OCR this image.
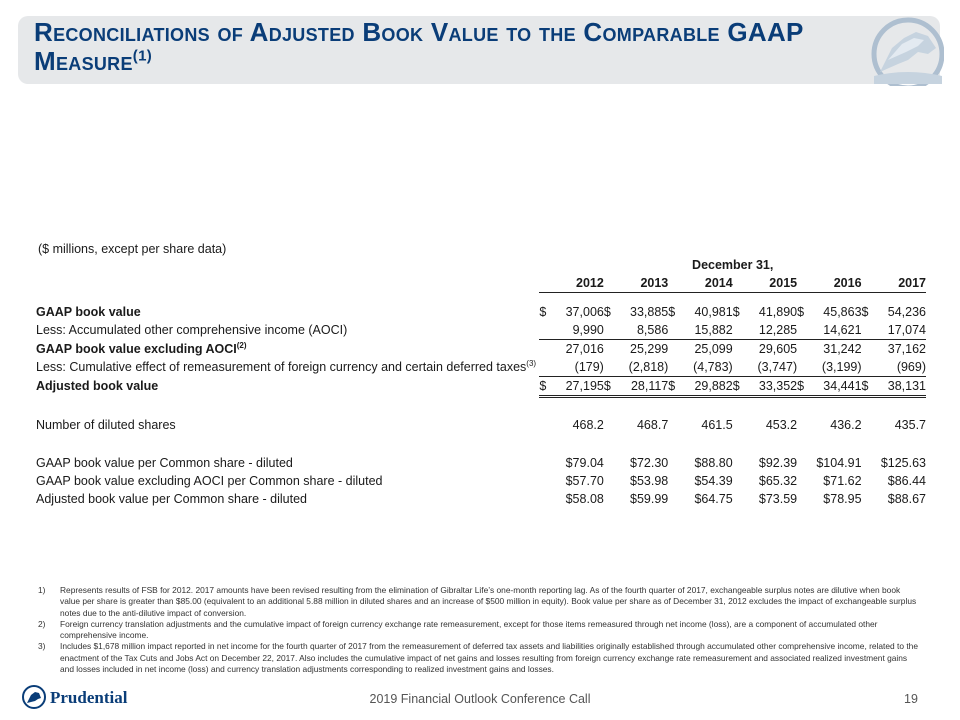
Reconciliations of Adjusted Book Value to the Comparable GAAP Measure$^{(1)}$
($ millions, except per share data)
	December 31,											
		2012		2013		2014		2015		2016		2017

GAAP book value	$	37,006	$	33,885	$	40,981	$	41,890	$	45,863	$	54,236
Less: Accumulated other comprehensive income (AOCI)		9,990		8,586		15,882		12,285		14,621		17,074
GAAP book value excluding AOCI$^{(2)}$		27,016		25,299		25,099		29,605		31,242		37,162
Less: Cumulative effect of remeasurement of foreign currency and certain deferred taxes$^{(3)}$		(179)		(2,818)		(4,783)		(3,747)		(3,199)		(969)
Adjusted book value	$	27,195	$	28,117	$	29,882	$	33,352	$	34,441	$	38,131

Number of diluted shares		468.2		468.7		461.5		453.2		436.2		435.7

GAAP book value per Common share - diluted		$79.04		$72.30		$88.80		$92.39		$104.91		$125.63
GAAP book value excluding AOCI per Common share - diluted		$57.70		$53.98		$54.39		$65.32		$71.62		$86.44
Adjusted book value per Common share - diluted		$58.08		$59.99		$64.75		$73.59		$78.95		$88.67
1) Represents results of FSB for 2012. 2017 amounts have been revised resulting from the elimination of Gibraltar Life’s one-month reporting lag. As of the fourth quarter of 2017, exchangeable surplus notes are dilutive when book value per share is greater than $85.00 (equivalent to an additional 5.88 million in diluted shares and an increase of $500 million in equity). Book value per share as of December 31, 2012 excludes the impact of exchangeable surplus notes due to the anti-dilutive impact of conversion.
2) Foreign currency translation adjustments and the cumulative impact of foreign currency exchange rate remeasurement, except for those items remeasured through net income (loss), are a component of accumulated other comprehensive income.
3) Includes $1,678 million impact reported in net income for the fourth quarter of 2017 from the remeasurement of deferred tax assets and liabilities originally established through accumulated other comprehensive income, related to the enactment of the Tax Cuts and Jobs Act on December 22, 2017. Also includes the cumulative impact of net gains and losses resulting from foreign currency exchange rate remeasurement and associated realized investment gains and losses included in net income (loss) and currency translation adjustments corresponding to realized investment gains and losses.
Prudential	2019 Financial Outlook Conference Call	19
